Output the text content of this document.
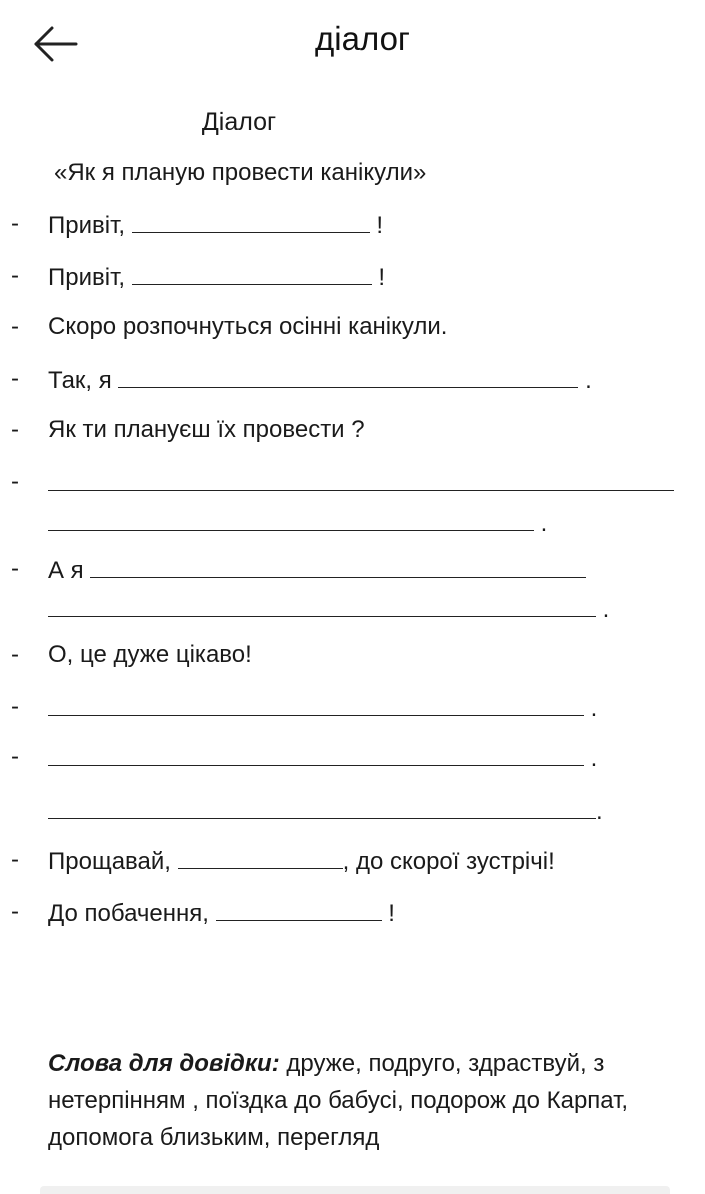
діалог
Діалог
«Як я планую провести канікули»
- Привіт,	!
- Привіт,	!
- Скоро розпочнуться осінні канікули.
- Так, я	.
- Як ти плануєш їх провести ?
-
.
- А я
.
- О, це дуже цікаво!
-	.
-	.
.
- Прощавай,	, до скорої зустрічі!
- До побачення,	!
Слова для довідки: друже, подруго, здраствуй, з нетерпінням , поїздка до бабусі, подорож до Карпат, допомога близьким, перегляд
